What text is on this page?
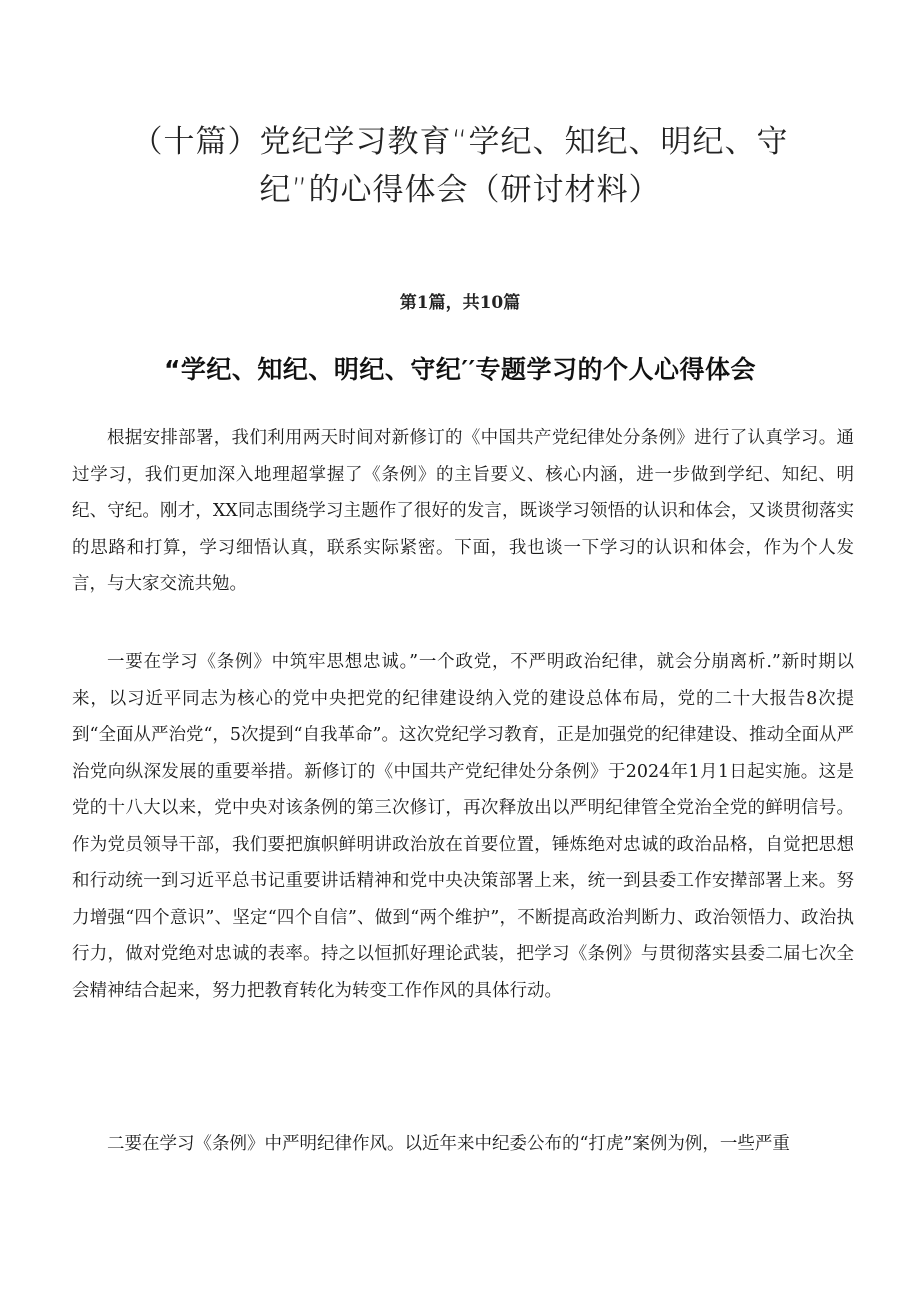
（十篇）党纪学习教育“学纪、知纪、明纪、守
纪”的心得体会（研讨材料）
第1篇，共10篇
“学纪、知纪、明纪、守纪′′专题学习的个人心得体会

根据安排部署，我们利用两天时间对新修订的《中国共产党纪律处分条例》进行了认真学习。通过学习，我们更加深入地理超掌握了《条例》的主旨要义、核心内涵，进一步做到学纪、知纪、明纪、守纪。刚才，XX同志围绕学习主题作了很好的发言，既谈学习领悟的认识和体会，又谈贯彻落实的思路和打算，学习细悟认真，联系实际紧密。下面，我也谈一下学习的认识和体会，作为个人发言，与大家交流共勉。

一要在学习《条例》中筑牢思想忠诚。”一个政党，不严明政治纪律，就会分崩离析.”新时期以来，以习近平同志为核心的党中央把党的纪律建设纳入党的建设总体布局，党的二十大报告8次提到“全面从严治党“，5次提到“自我革命”。这次党纪学习教育，正是加强党的纪律建设、推动全面从严治党向纵深发展的重要举措。新修订的《中国共产党纪律处分条例》于2024年1月1日起实施。这是党的十八大以来，党中央对该条例的第三次修订，再次释放出以严明纪律管全党治全党的鲜明信号。作为党员领导干部，我们要把旗帜鲜明讲政治放在首要位置，锤炼绝对忠诚的政治品格，自觉把思想和行动统一到习近平总书记重要讲话精神和党中央决策部署上来，统一到县委工作安撵部署上来。努力增强“四个意识”、坚定“四个自信”、做到“两个维护”，不断提高政治判断力、政治领悟力、政治执行力，做对党绝对忠诚的表率。持之以恒抓好理论武装，把学习《条例》与贯彻落实县委二届七次全会精神结合起来，努力把教育转化为转变工作作风的具体行动。

二要在学习《条例》中严明纪律作风。以近年来中纪委公布的“打虎”案例为例，一些严重
